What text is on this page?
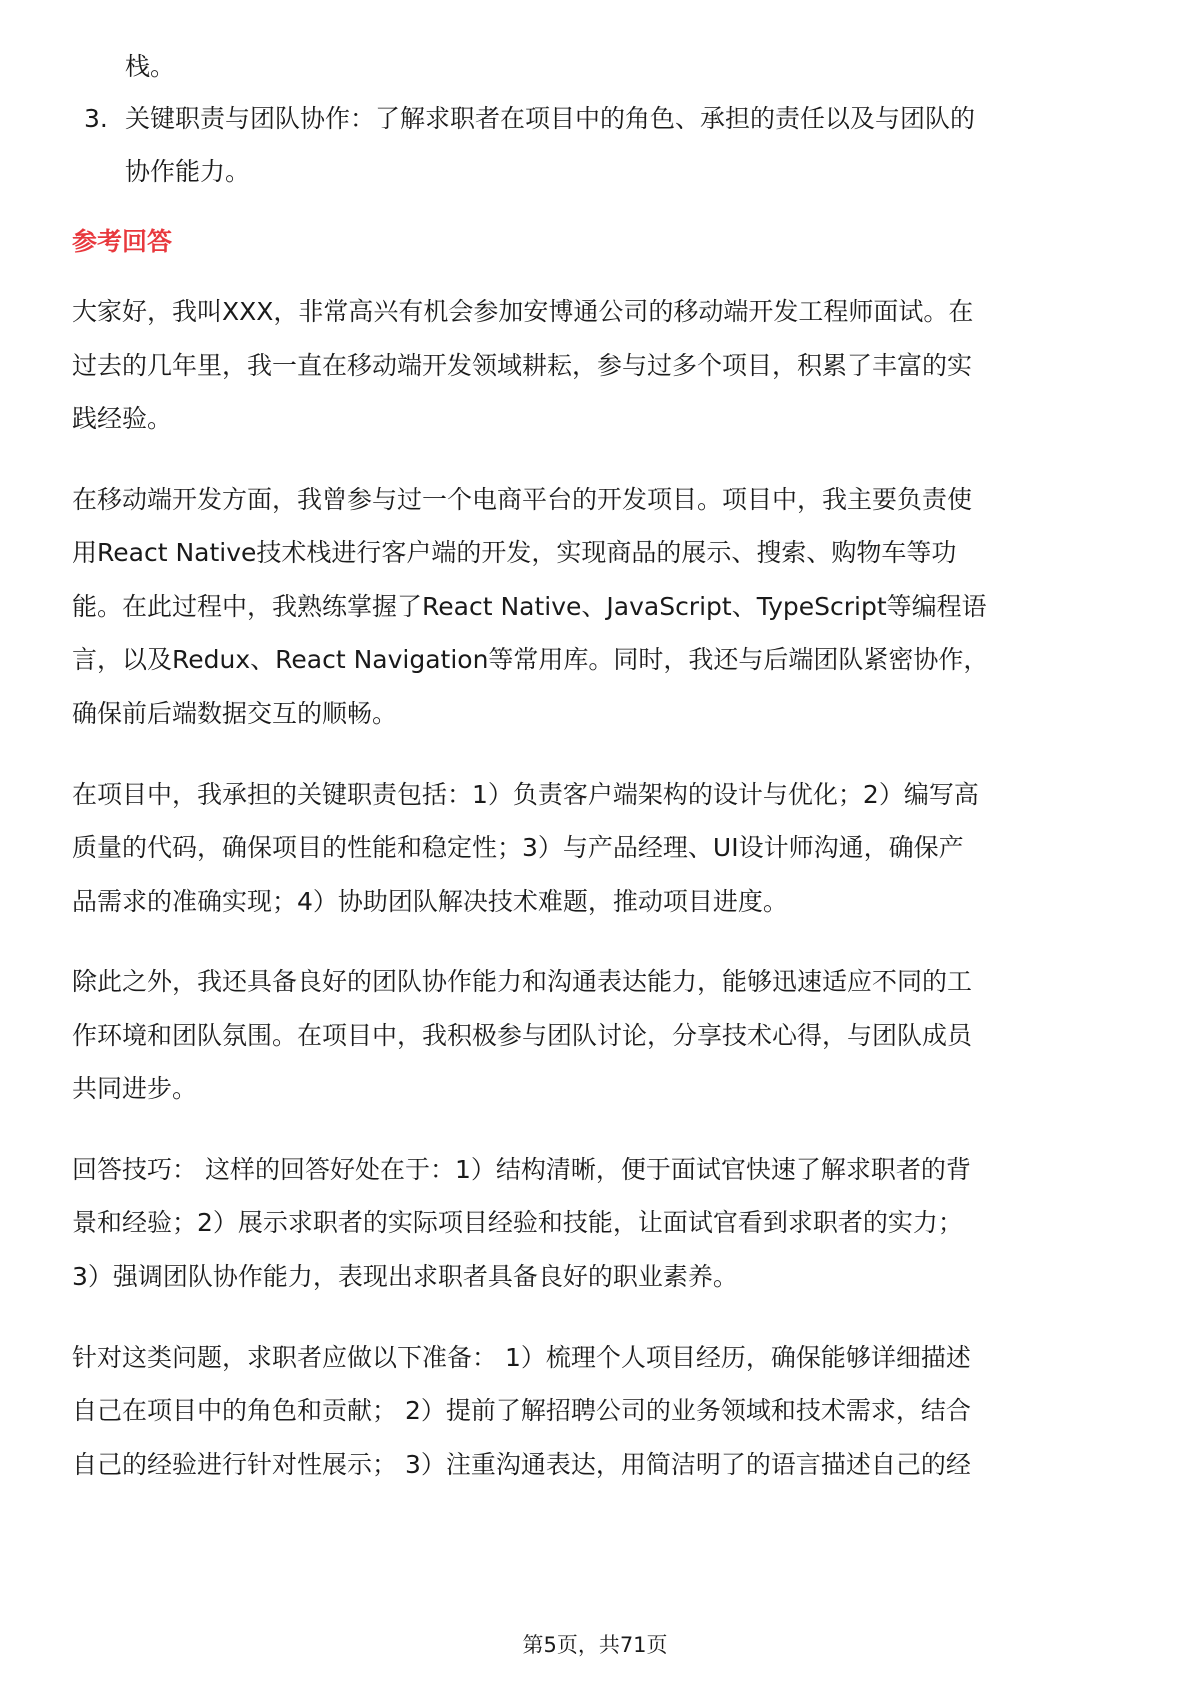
栈。
3. 关键职责与团队协作：了解求职者在项目中的角色、承担的责任以及与团队的
协作能力。
参考回答
大家好，我叫XXX，非常高兴有机会参加安博通公司的移动端开发工程师面试。在
过去的几年里，我一直在移动端开发领域耕耘，参与过多个项目，积累了丰富的实
践经验。
在移动端开发方面，我曾参与过一个电商平台的开发项目。项目中，我主要负责使
用React Native技术栈进行客户端的开发，实现商品的展示、搜索、购物车等功
能。在此过程中，我熟练掌握了React Native、JavaScript、TypeScript等编程语
言，以及Redux、React Navigation等常用库。同时，我还与后端团队紧密协作，
确保前后端数据交互的顺畅。
在项目中，我承担的关键职责包括：1）负责客户端架构的设计与优化；2）编写高
质量的代码，确保项目的性能和稳定性；3）与产品经理、UI设计师沟通，确保产
品需求的准确实现；4）协助团队解决技术难题，推动项目进度。
除此之外，我还具备良好的团队协作能力和沟通表达能力，能够迅速适应不同的工
作环境和团队氛围。在项目中，我积极参与团队讨论，分享技术心得，与团队成员
共同进步。
回答技巧： 这样的回答好处在于：1）结构清晰，便于面试官快速了解求职者的背
景和经验；2）展示求职者的实际项目经验和技能，让面试官看到求职者的实力；
3）强调团队协作能力，表现出求职者具备良好的职业素养。
针对这类问题，求职者应做以下准备： 1）梳理个人项目经历，确保能够详细描述
自己在项目中的角色和贡献； 2）提前了解招聘公司的业务领域和技术需求，结合
自己的经验进行针对性展示； 3）注重沟通表达，用简洁明了的语言描述自己的经
第5页，共71页
